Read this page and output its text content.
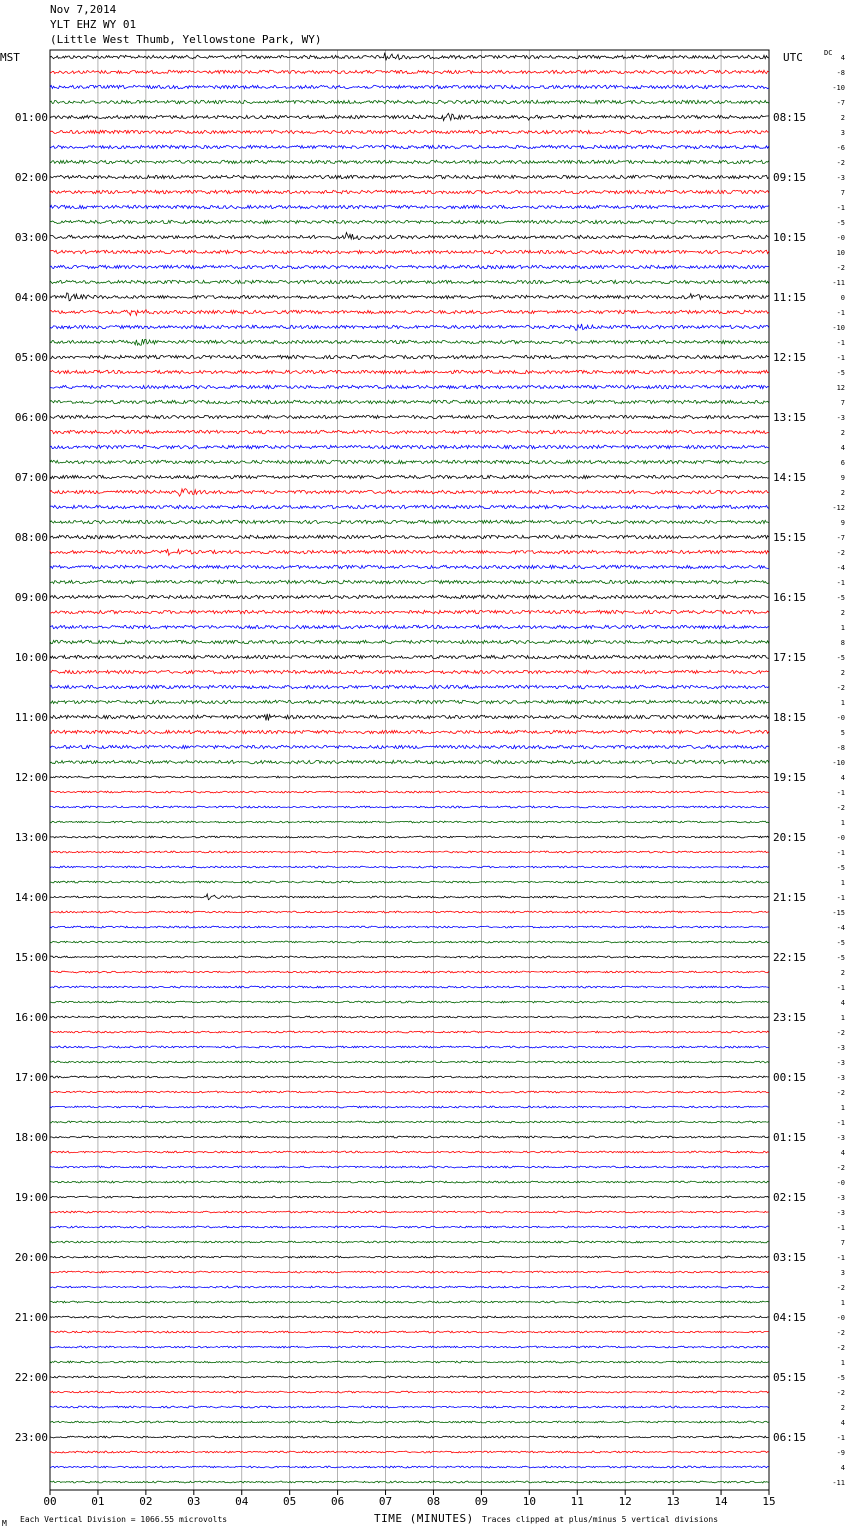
Nov 7,2014
YLT EHZ WY 01
(Little West Thumb, Yellowstone Park, WY)
4
-8
-10
-7
2
3
-6
-2
-3
7
-1
-5
-0
10
-2
-11
0
-1
-10
-1
-1
-5
12
7
-3
2
4
6
9
2
-12
9
-7
-2
-4
-1
-5
2
1
8
-5
2
-2
1
-0
5
-8
-10
4
-1
-2
1
-0
-1
-5
1
-1
-15
-4
-5
-5
2
-1
4
1
-2
-3
-3
-3
-2
1
-1
-3
4
-2
-0
-3
-3
-1
7
-1
3
-2
1
-0
-2
-2
1
-5
-2
2
4
-1
-9
4
-11
MST	UTC	DC
01:00
02:00
03:00
04:00
05:00
06:00
07:00
08:00
09:00
10:00
11:00
12:00
13:00
14:00
15:00
16:00
17:00
18:00
19:00
20:00
21:00
22:00
23:00
08:15
09:15
10:15
11:15
12:15
13:15
14:15
15:15
16:15
17:15
18:15
19:15
20:15
21:15
22:15
23:15
00:15
01:15
02:15
03:15
04:15
05:15
06:15
00	01	02	03	04	05	06	07	08	09	10	11	12	13	14	15
M Each Vertical Division = 1066.55 microvolts	TIME (MINUTES) Traces clipped at plus/minus 5 vertical divisions
